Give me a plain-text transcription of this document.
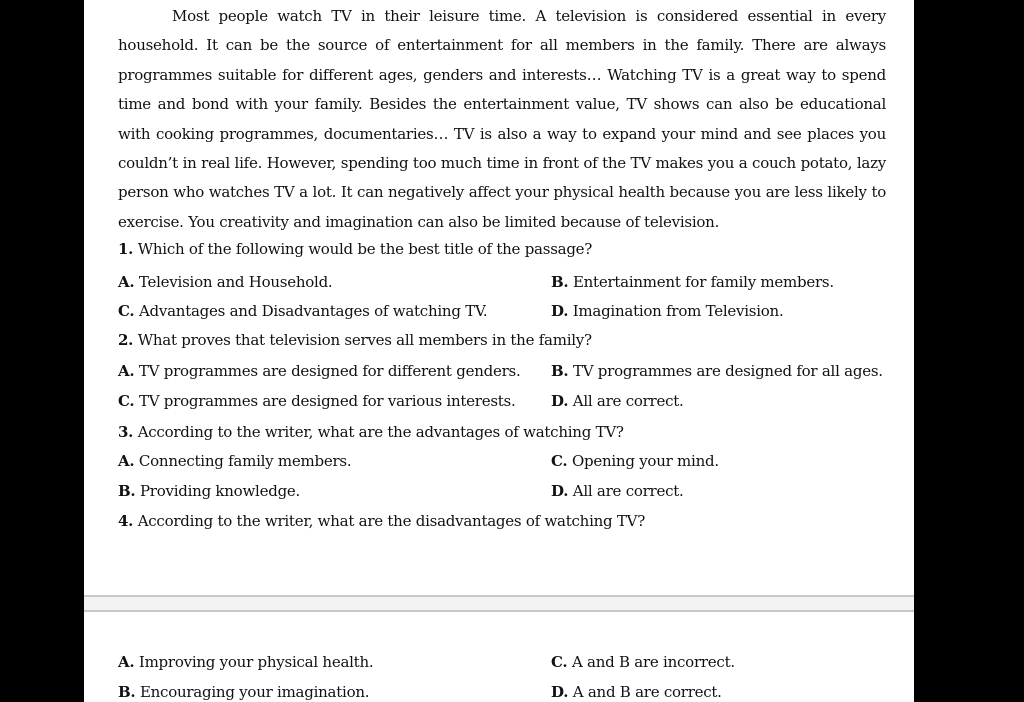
Most people watch TV in their leisure time. A television is considered essential in every household. It can be the source of entertainment for all members in the family. There are always programmes suitable for different ages, genders and interests… Watching TV is a great way to spend time and bond with your family. Besides the entertainment value, TV shows can also be educational with cooking programmes, documentaries… TV is also a way to expand your mind and see places you couldn’t in real life. However, spending too much time in front of the TV makes you a couch potato, lazy person who watches TV a lot. It can negatively affect your physical health because you are less likely to exercise. You creativity and imagination can also be limited because of television.

1. Which of the following would be the best title of the passage?
A. Television and Household.	B. Entertainment for family members.
C. Advantages and Disadvantages of watching TV.	D. Imagination from Television.
2. What proves that television serves all members in the family?
A. TV programmes are designed for different genders. B. TV programmes are designed for all ages.
C. TV programmes are designed for various interests. D. All are correct.
3. According to the writer, what are the advantages of watching TV?
A. Connecting family members.	C. Opening your mind.
B. Providing knowledge.	D. All are correct.
4. According to the writer, what are the disadvantages of watching TV?
A. Improving your physical health.	C. A and B are incorrect.
B. Encouraging your imagination.	D. A and B are correct.
